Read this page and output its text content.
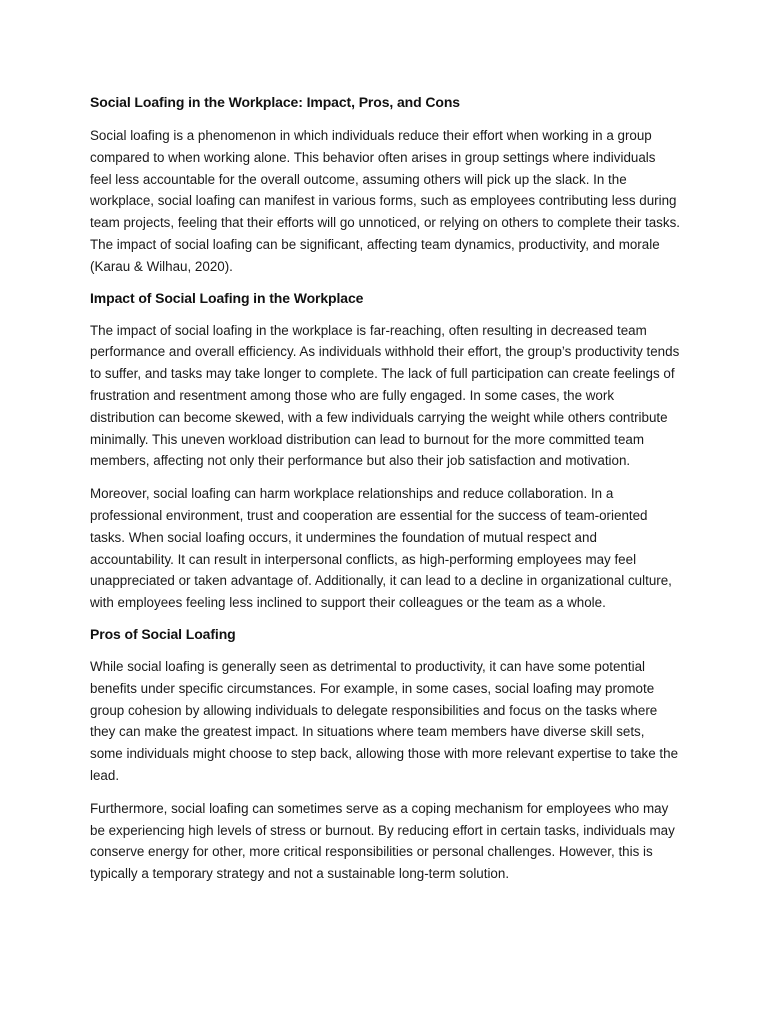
Social Loafing in the Workplace: Impact, Pros, and Cons

Social loafing is a phenomenon in which individuals reduce their effort when working in a group compared to when working alone. This behavior often arises in group settings where individuals feel less accountable for the overall outcome, assuming others will pick up the slack. In the workplace, social loafing can manifest in various forms, such as employees contributing less during team projects, feeling that their efforts will go unnoticed, or relying on others to complete their tasks. The impact of social loafing can be significant, affecting team dynamics, productivity, and morale (Karau & Wilhau, 2020).

Impact of Social Loafing in the Workplace

The impact of social loafing in the workplace is far-reaching, often resulting in decreased team performance and overall efficiency. As individuals withhold their effort, the group’s productivity tends to suffer, and tasks may take longer to complete. The lack of full participation can create feelings of frustration and resentment among those who are fully engaged. In some cases, the work distribution can become skewed, with a few individuals carrying the weight while others contribute minimally. This uneven workload distribution can lead to burnout for the more committed team members, affecting not only their performance but also their job satisfaction and motivation.

Moreover, social loafing can harm workplace relationships and reduce collaboration. In a professional environment, trust and cooperation are essential for the success of team-oriented tasks. When social loafing occurs, it undermines the foundation of mutual respect and accountability. It can result in interpersonal conflicts, as high-performing employees may feel unappreciated or taken advantage of. Additionally, it can lead to a decline in organizational culture, with employees feeling less inclined to support their colleagues or the team as a whole.

Pros of Social Loafing

While social loafing is generally seen as detrimental to productivity, it can have some potential benefits under specific circumstances. For example, in some cases, social loafing may promote group cohesion by allowing individuals to delegate responsibilities and focus on the tasks where they can make the greatest impact. In situations where team members have diverse skill sets, some individuals might choose to step back, allowing those with more relevant expertise to take the lead.

Furthermore, social loafing can sometimes serve as a coping mechanism for employees who may be experiencing high levels of stress or burnout. By reducing effort in certain tasks, individuals may conserve energy for other, more critical responsibilities or personal challenges. However, this is typically a temporary strategy and not a sustainable long-term solution.
